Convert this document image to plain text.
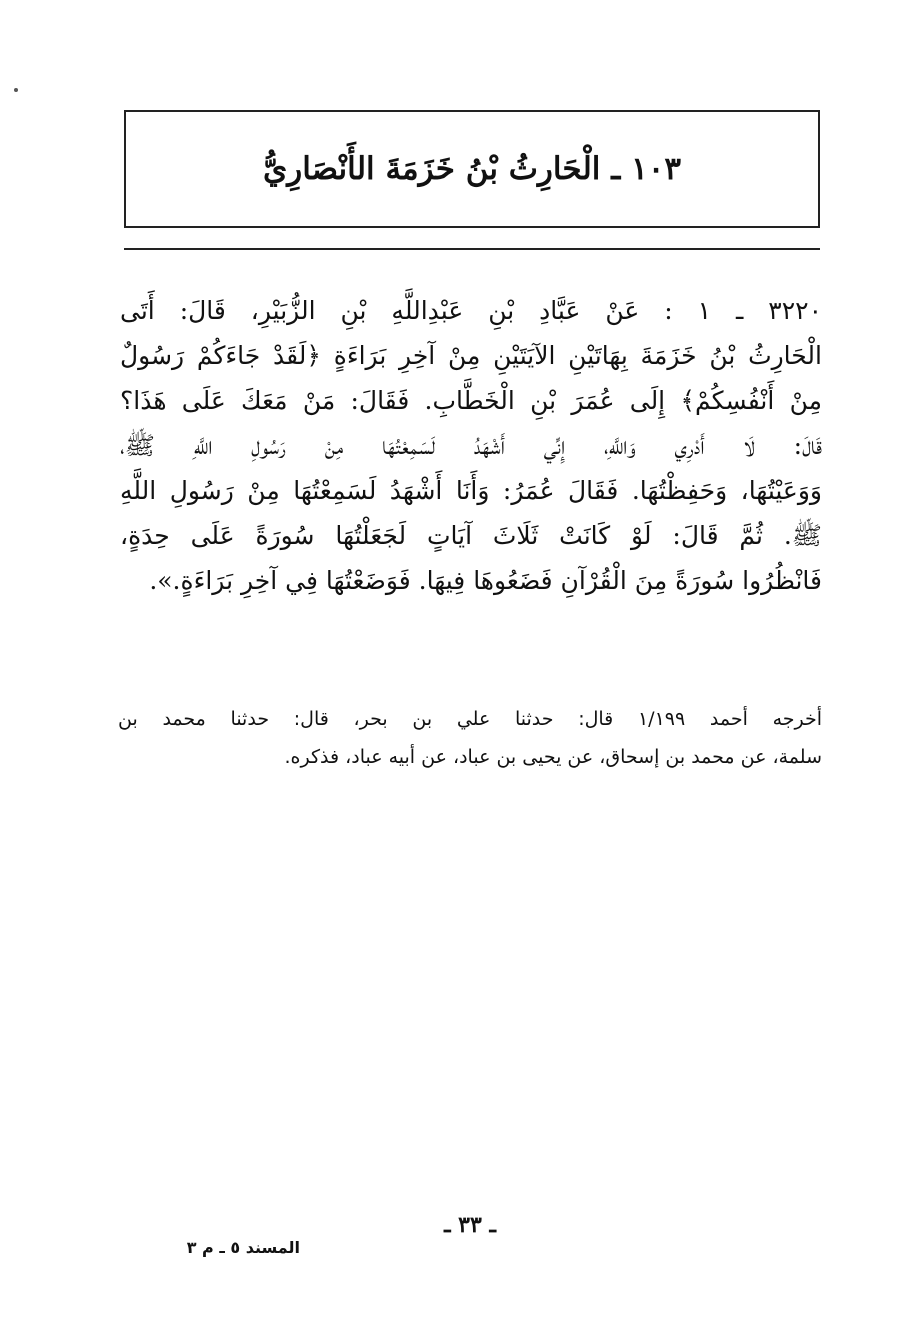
١٠٣ ـ الْحَارِثُ بْنُ خَزَمَةَ الأَنْصَارِيُّ
٣٢٢٠ ـ ١ : عَنْ عَبَّادِ بْنِ عَبْدِاللَّهِ بْنِ الزُّبَيْرِ، قَالَ: أَتَى
الْحَارِثُ بْنُ خَزَمَةَ بِهَاتَيْنِ الآيَتَيْنِ مِنْ آخِرِ بَرَاءَةٍ ﴿لَقَدْ جَاءَكُمْ رَسُولٌ
مِنْ أَنْفُسِكُمْ﴾ إِلَى عُمَرَ بْنِ الْخَطَّابِ. فَقَالَ: مَنْ مَعَكَ عَلَى هَذَا؟
قَالَ: لَا أَدْرِي وَاللَّهِ، إِنِّي أَشْهَدُ لَسَمِعْتُهَا مِنْ رَسُولِ اللَّهِ ﷺ،
وَوَعَيْتُهَا، وَحَفِظْتُهَا. فَقَالَ عُمَرُ: وَأَنَا أَشْهَدُ لَسَمِعْتُهَا مِنْ رَسُولِ اللَّهِ
ﷺ. ثُمَّ قَالَ: لَوْ كَانَتْ ثَلَاثَ آيَاتٍ لَجَعَلْتُهَا سُورَةً عَلَى حِدَةٍ،
فَانْظُرُوا سُورَةً مِنَ الْقُرْآنِ فَضَعُوهَا فِيهَا. فَوَضَعْتُهَا فِي آخِرِ بَرَاءَةٍ.».
أخرجه أحمد ١/١٩٩ قال: حدثنا علي بن بحر، قال: حدثنا محمد بن
سلمة، عن محمد بن إسحاق، عن يحيى بن عباد، عن أبيه عباد، فذكره.
ـ ٣٣ ـ
المسند ٥ ـ م ٣
